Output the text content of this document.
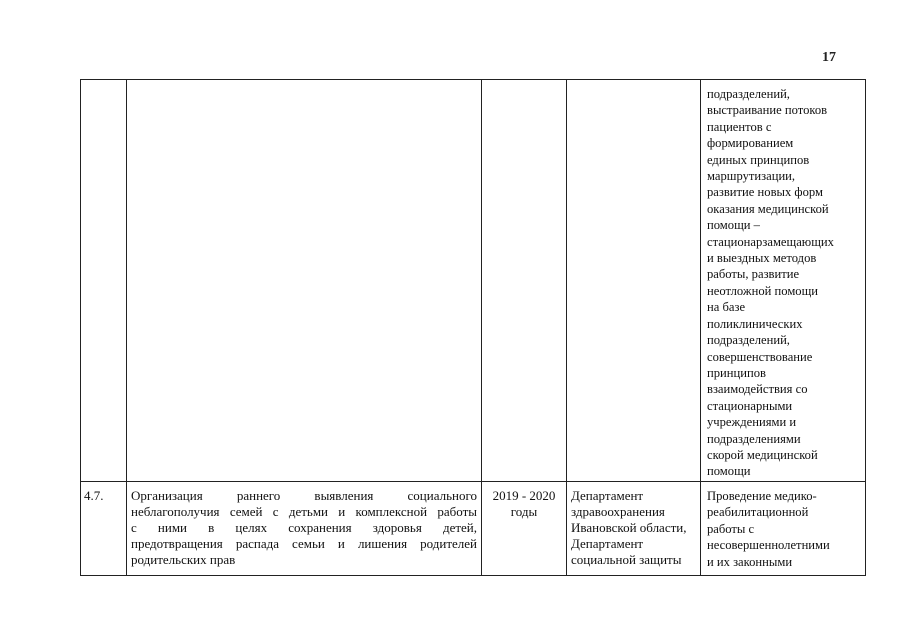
17
подразделений,
выстраивание потоков
пациентов с
формированием
единых принципов
маршрутизации,
развитие новых форм
оказания медицинской
помощи –
стационарзамещающих
и выездных методов
работы, развитие
неотложной помощи
на базе
поликлинических
подразделений,
совершенствование
принципов
взаимодействия со
стационарными
учреждениями и
подразделениями
скорой медицинской
помощи
4.7.	Организация раннего выявления социального
неблагополучия семей с детьми и комплексной работы
с ними в целях сохранения здоровья детей,
предотвращения распада семьи и лишения родителей
родительских прав
2019 - 2020
годы
Департамент
здравоохранения
Ивановской области,
Департамент
социальной защиты
Проведение медико-
реабилитационной
работы с
несовершеннолетними
и их законными
